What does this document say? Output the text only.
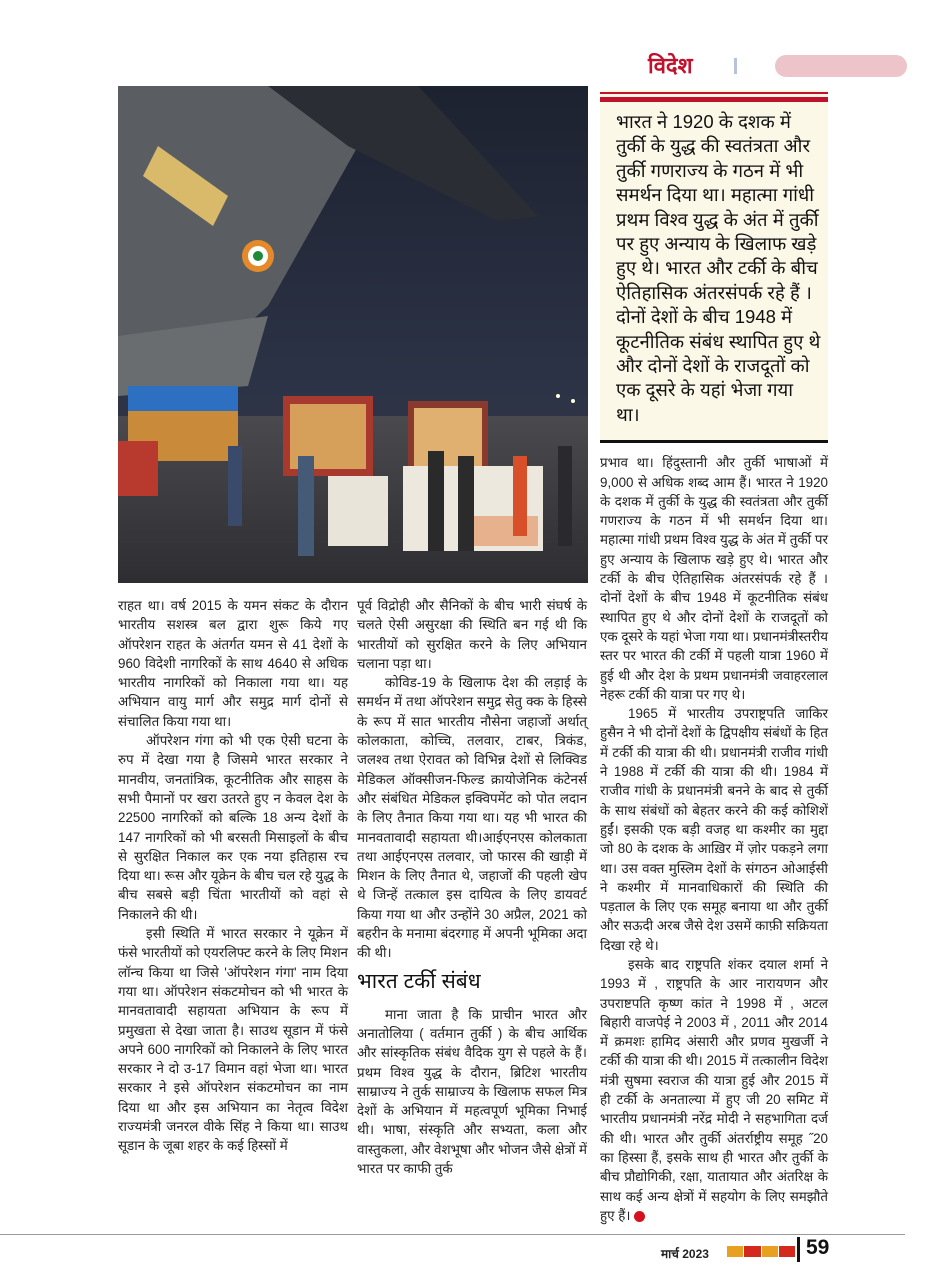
विदेश

भारत ने 1920 के दशक में तुर्की के युद्ध की स्वतंत्रता और तुर्की गणराज्य के गठन में भी समर्थन दिया था। महात्मा गांधी प्रथम विश्व युद्ध के अंत में तुर्की पर हुए अन्याय के खिलाफ खड़े हुए थे। भारत और टर्की के बीच ऐतिहासिक अंतरसंपर्क रहे हैं । दोनों देशों के बीच 1948 में कूटनीतिक संबंध स्थापित हुए थे और दोनों देशों के राजदूतों को एक दूसरे के यहां भेजा गया था।

प्रभाव था। हिंदुस्तानी और तुर्की भाषाओं में 9,000 से अधिक शब्द आम हैं। भारत ने 1920 के दशक में तुर्की के युद्ध की स्वतंत्रता और तुर्की गणराज्य के गठन में भी समर्थन दिया था। महात्मा गांधी प्रथम विश्व युद्ध के अंत में तुर्की पर हुए अन्याय के खिलाफ खड़े हुए थे। भारत और टर्की के बीच ऐतिहासिक अंतरसंपर्क रहे हैं । दोनों देशों के बीच 1948 में कूटनीतिक संबंध स्थापित हुए थे और दोनों देशों के राजदूतों को एक दूसरे के यहां भेजा गया था। प्रधानमंत्रीस्तरीय स्तर पर भारत की टर्की में पहली यात्रा 1960 में हुई थी और देश के प्रथम प्रधानमंत्री जवाहरलाल नेहरू टर्की की यात्रा पर गए थे।

1965 में भारतीय उपराष्ट्रपति जाकिर हुसैन ने भी दोनों देशों के द्विपक्षीय संबंधों के हित में टर्की की यात्रा की थी। प्रधानमंत्री राजीव गांधी ने 1988 में टर्की की यात्रा की थी। 1984 में राजीव गांधी के प्रधानमंत्री बनने के बाद से तुर्की के साथ संबंधों को बेहतर करने की कई कोशिशें हुईं। इसकी एक बड़ी वजह था कश्मीर का मुद्दा जो 80 के दशक के आख़िर में ज़ोर पकड़ने लगा था। उस वक्त मुस्लिम देशों के संगठन ओआईसी ने कश्मीर में मानवाधिकारों की स्थिति की पड़ताल के लिए एक समूह बनाया था और तुर्की और सऊदी अरब जैसे देश उसमें काफ़ी सक्रियता दिखा रहे थे।

इसके बाद राष्ट्रपति शंकर दयाल शर्मा ने 1993 में , राष्ट्रपति के आर नारायणन और उपराष्टपति कृष्ण कांत ने 1998 में , अटल बिहारी वाजपेई ने 2003 में , 2011 और 2014 में क्रमशः हामिद अंसारी और प्रणव मुखर्जी ने टर्की की यात्रा की थी। 2015 में तत्कालीन विदेश मंत्री सुषमा स्वराज की यात्रा हुई और 2015 में ही टर्की के अनताल्या में हुए जी 20 समिट में भारतीय प्रधानमंत्री नरेंद्र मोदी ने सहभागिता दर्ज की थी। भारत और तुर्की अंतर्राष्ट्रीय समूह ˝20 का हिस्सा हैं, इसके साथ ही भारत और तुर्की के बीच प्रौद्योगिकी, रक्षा, यातायात और अंतरिक्ष के साथ कई अन्य क्षेत्रों में सहयोग के लिए समझौते हुए हैं।

राहत था। वर्ष 2015 के यमन संकट के दौरान भारतीय सशस्त्र बल द्वारा शुरू किये गए ऑपरेशन राहत के अंतर्गत यमन से 41 देशों के 960 विदेशी नागरिकों के साथ 4640 से अधिक भारतीय नागरिकों को निकाला गया था। यह अभियान वायु मार्ग और समुद्र मार्ग दोनों से संचालित किया गया था।

ऑपरेशन गंगा को भी एक ऐसी घटना के रुप में देखा गया है जिसमे भारत सरकार ने मानवीय, जनतांत्रिक, कूटनीतिक और साहस के सभी पैमानों पर खरा उतरते हुए न केवल देश के 22500 नागरिकों को बल्कि 18 अन्य देशों के 147 नागरिकों को भी बरसती मिसाइलों के बीच से सुरक्षित निकाल कर एक नया इतिहास रच दिया था। रूस और यूक्रेन के बीच चल रहे युद्ध के बीच सबसे बड़ी चिंता भारतीयों को वहां से निकालने की थी।

इसी स्थिति में भारत सरकार ने यूक्रेन में फंसे भारतीयों को एयरलिफ्ट करने के लिए मिशन लॉन्च किया था जिसे 'ऑपरेशन गंगा' नाम दिया गया था। ऑपरेशन संकटमोचन को भी भारत के मानवतावादी सहायता अभियान के रूप में प्रमुखता से देखा जाता है। साउथ सूडान में फंसे अपने 600 नागरिकों को निकालने के लिए भारत सरकार ने दो उ-17 विमान वहां भेजा था। भारत सरकार ने इसे ऑपरेशन संकटमोचन का नाम दिया था और इस अभियान का नेतृत्व विदेश राज्यमंत्री जनरल वीके सिंह ने किया था। साउथ सूडान के जूबा शहर के कई हिस्सों में

पूर्व विद्रोही और सैनिकों के बीच भारी संघर्ष के चलते ऐसी असुरक्षा की स्थिति बन गई थी कि भारतीयों को सुरक्षित करने के लिए अभियान चलाना पड़ा था।

कोविड-19 के खिलाफ देश की लड़ाई के समर्थन में तथा ऑपरेशन समुद्र सेतु क्क के हिस्से के रूप में सात भारतीय नौसेना जहाजों अर्थात् कोलकाता, कोच्चि, तलवार, टाबर, त्रिकंड, जलश्व तथा ऐरावत को विभिन्न देशों से लिक्विड मेडिकल ऑक्सीजन-फिल्ड क्रायोजेनिक कंटेनर्स और संबंधित मेडिकल इक्विपमेंट को पोत लदान के लिए तैनात किया गया था। यह भी भारत की मानवतावादी सहायता थी।आईएनएस कोलकाता तथा आईएनएस तलवार, जो फारस की खाड़ी में मिशन के लिए तैनात थे, जहाजों की पहली खेप थे जिन्हें तत्काल इस दायित्व के लिए डायवर्ट किया गया था और उन्होंने 30 अप्रैल, 2021 को बहरीन के मनामा बंदरगाह में अपनी भूमिका अदा की थी।

भारत टर्की संबंध

माना जाता है कि प्राचीन भारत और अनातोलिया ( वर्तमान तुर्की ) के बीच आर्थिक और सांस्कृतिक संबंध वैदिक युग से पहले के हैं। प्रथम विश्व युद्ध के दौरान, ब्रिटिश भारतीय साम्राज्य ने तुर्क साम्राज्य के खिलाफ सफल मित्र देशों के अभियान में महत्वपूर्ण भूमिका निभाई थी। भाषा, संस्कृति और सभ्यता, कला और वास्तुकला, और वेशभूषा और भोजन जैसे क्षेत्रों में भारत पर काफी तुर्क

मार्च 2023	59
